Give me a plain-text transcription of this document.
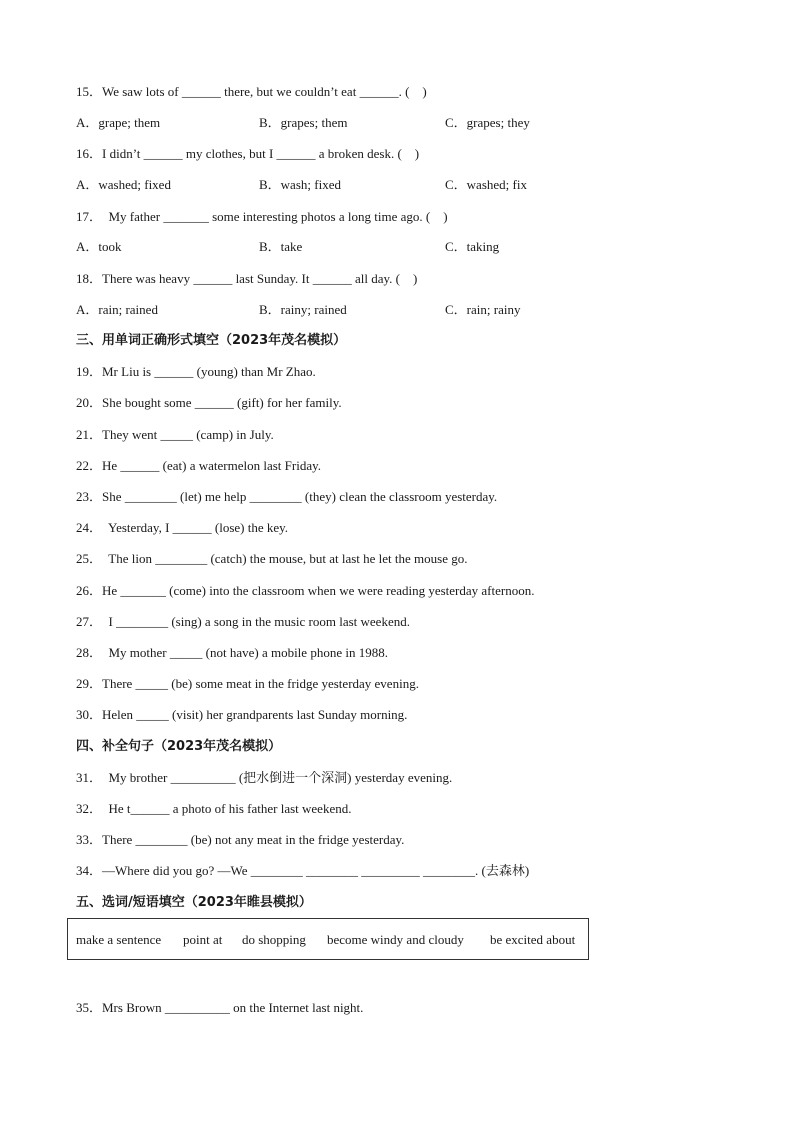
15．We saw lots of ______ there, but we couldn’t eat ______. (    )
A．grape; them	B．grapes; them	C．grapes; they
16．I didn’t ______ my clothes, but I ______ a broken desk. (    )
A．washed; fixed	B．wash; fixed	C．washed; fix
17．  My father _______ some interesting photos a long time ago. (    )
A．took	B．take	C．taking
18．There was heavy ______ last Sunday. It ______ all day. (    )
A．rain; rained	B．rainy; rained	C．rain; rainy
三、用单词正确形式填空（2023年茂名模拟）
19．Mr Liu is ______ (young) than Mr Zhao.
20．She bought some ______ (gift) for her family.
21．They went _____ (camp) in July.
22．He ______ (eat) a watermelon last Friday.
23．She ________ (let) me help ________ (they) clean the classroom yesterday.
24．  Yesterday, I ______ (lose) the key.
25．  The lion ________ (catch) the mouse, but at last he let the mouse go.
26．He _______ (come) into the classroom when we were reading yesterday afternoon.
27．  I ________ (sing) a song in the music room last weekend.
28．  My mother _____ (not have) a mobile phone in 1988.
29．There _____ (be) some meat in the fridge yesterday evening.
30．Helen _____ (visit) her grandparents last Sunday morning.
四、补全句子（2023年茂名模拟）
31．  My brother __________ (把水倒进一个深洞) yesterday evening.
32．  He t______ a photo of his father last weekend.
33．There ________ (be) not any meat in the fridge yesterday.
34．—Where did you go? —We ________ ________ _________ ________. (去森林)
五、选词/短语填空（2023年睢县模拟）
make a sentence point at do shopping become windy and cloudy be excited about
35．Mrs Brown __________ on the Internet last night.
